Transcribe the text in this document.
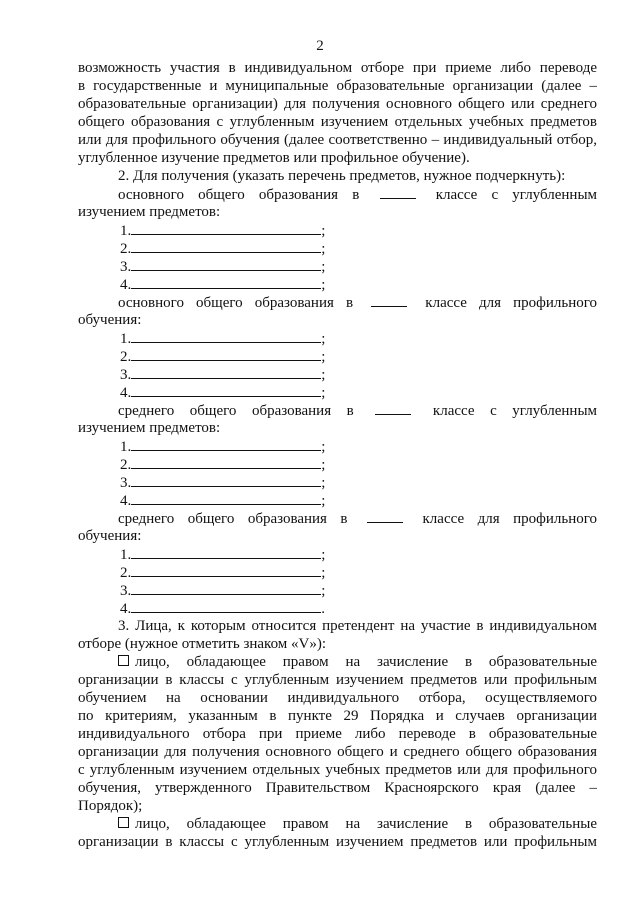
2
возможность участия в индивидуальном отборе при приеме либо переводе
в государственные и муниципальные образовательные организации (далее –
образовательные организации) для получения основного общего или среднего
общего образования с углубленным изучением отдельных учебных предметов
или для профильного обучения (далее соответственно – индивидуальный отбор,
углубленное изучение предметов или профильное обучение).
2. Для получения (указать перечень предметов, нужное подчеркнуть):
основного общего образования в	классе с углубленным
изучением предметов:
1.	;
2.	;
3.	;
4.	;
основного общего образования в	классе для профильного
обучения:
1.	;
2.	;
3.	;
4.	;
среднего общего образования в	классе с углубленным
изучением предметов:
1.	;
2.	;
3.	;
4.	;
среднего общего образования в	классе для профильного
обучения:
1.	;
2.	;
3.	;
4.	.
3. Лица, к которым относится претендент на участие в индивидуальном
отборе (нужное отметить знаком «V»):
лицо, обладающее правом на зачисление в образовательные
организации в классы с углубленным изучением предметов или профильным
обучением на основании индивидуального отбора, осуществляемого
по критериям, указанным в пункте 29 Порядка и случаев организации
индивидуального отбора при приеме либо переводе в образовательные
организации для получения основного общего и среднего общего образования
с углубленным изучением отдельных учебных предметов или для профильного
обучения, утвержденного Правительством Красноярского края (далее –
Порядок);
лицо, обладающее правом на зачисление в образовательные
организации в классы с углубленным изучением предметов или профильным
